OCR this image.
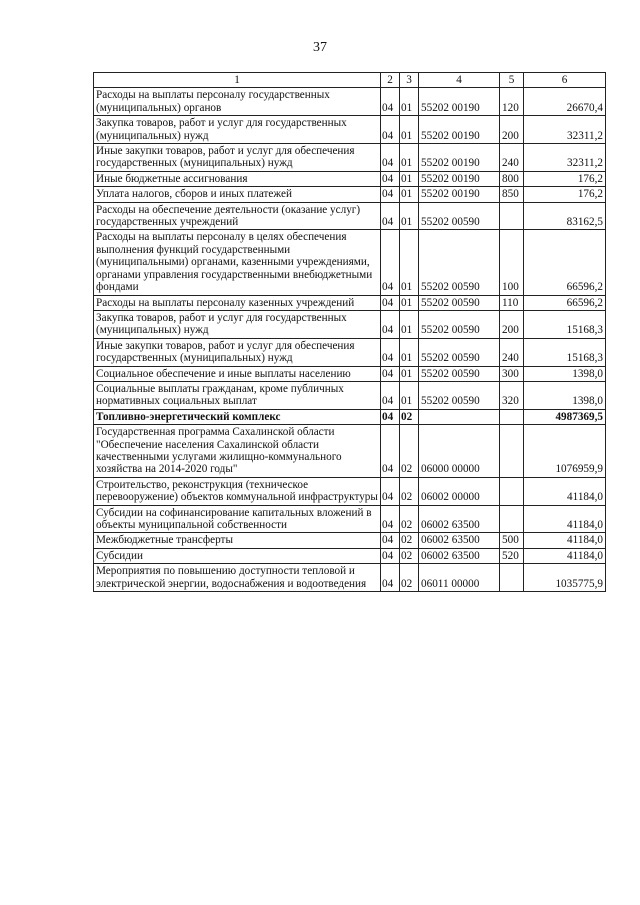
37
1	2	3	4	5	6
Расходы на выплаты персоналу государственных (муниципальных) органов	04	01	55202 00190	120	26670,4
Закупка товаров, работ и услуг для государственных (муниципальных) нужд	04	01	55202 00190	200	32311,2
Иные закупки товаров, работ и услуг для обеспечения государственных (муниципальных) нужд	04	01	55202 00190	240	32311,2
Иные бюджетные ассигнования	04	01	55202 00190	800	176,2
Уплата налогов, сборов и иных платежей	04	01	55202 00190	850	176,2
Расходы на обеспечение деятельности (оказание услуг) государственных учреждений	04	01	55202 00590		83162,5
Расходы на выплаты персоналу в целях обеспечения выполнения функций государственными (муниципальными) органами, казенными учреждениями, органами управления государственными внебюджетными фондами	04	01	55202 00590	100	66596,2
Расходы на выплаты персоналу казенных учреждений	04	01	55202 00590	110	66596,2
Закупка товаров, работ и услуг для государственных (муниципальных) нужд	04	01	55202 00590	200	15168,3
Иные закупки товаров, работ и услуг для обеспечения государственных (муниципальных) нужд	04	01	55202 00590	240	15168,3
Социальное обеспечение и иные выплаты населению	04	01	55202 00590	300	1398,0
Социальные выплаты гражданам, кроме публичных нормативных социальных выплат	04	01	55202 00590	320	1398,0
Топливно-энергетический комплекс	04	02			4987369,5
Государственная программа Сахалинской области "Обеспечение населения Сахалинской области качественными услугами жилищно-коммунального хозяйства на 2014-2020 годы"	04	02	06000 00000		1076959,9
Строительство, реконструкция (техническое перевооружение) объектов коммунальной инфраструктуры	04	02	06002 00000		41184,0
Субсидии на софинансирование капитальных вложений в объекты муниципальной собственности	04	02	06002 63500		41184,0
Межбюджетные трансферты	04	02	06002 63500	500	41184,0
Субсидии	04	02	06002 63500	520	41184,0
Мероприятия по повышению доступности тепловой и электрической энергии, водоснабжения и водоотведения	04	02	06011 00000		1035775,9
